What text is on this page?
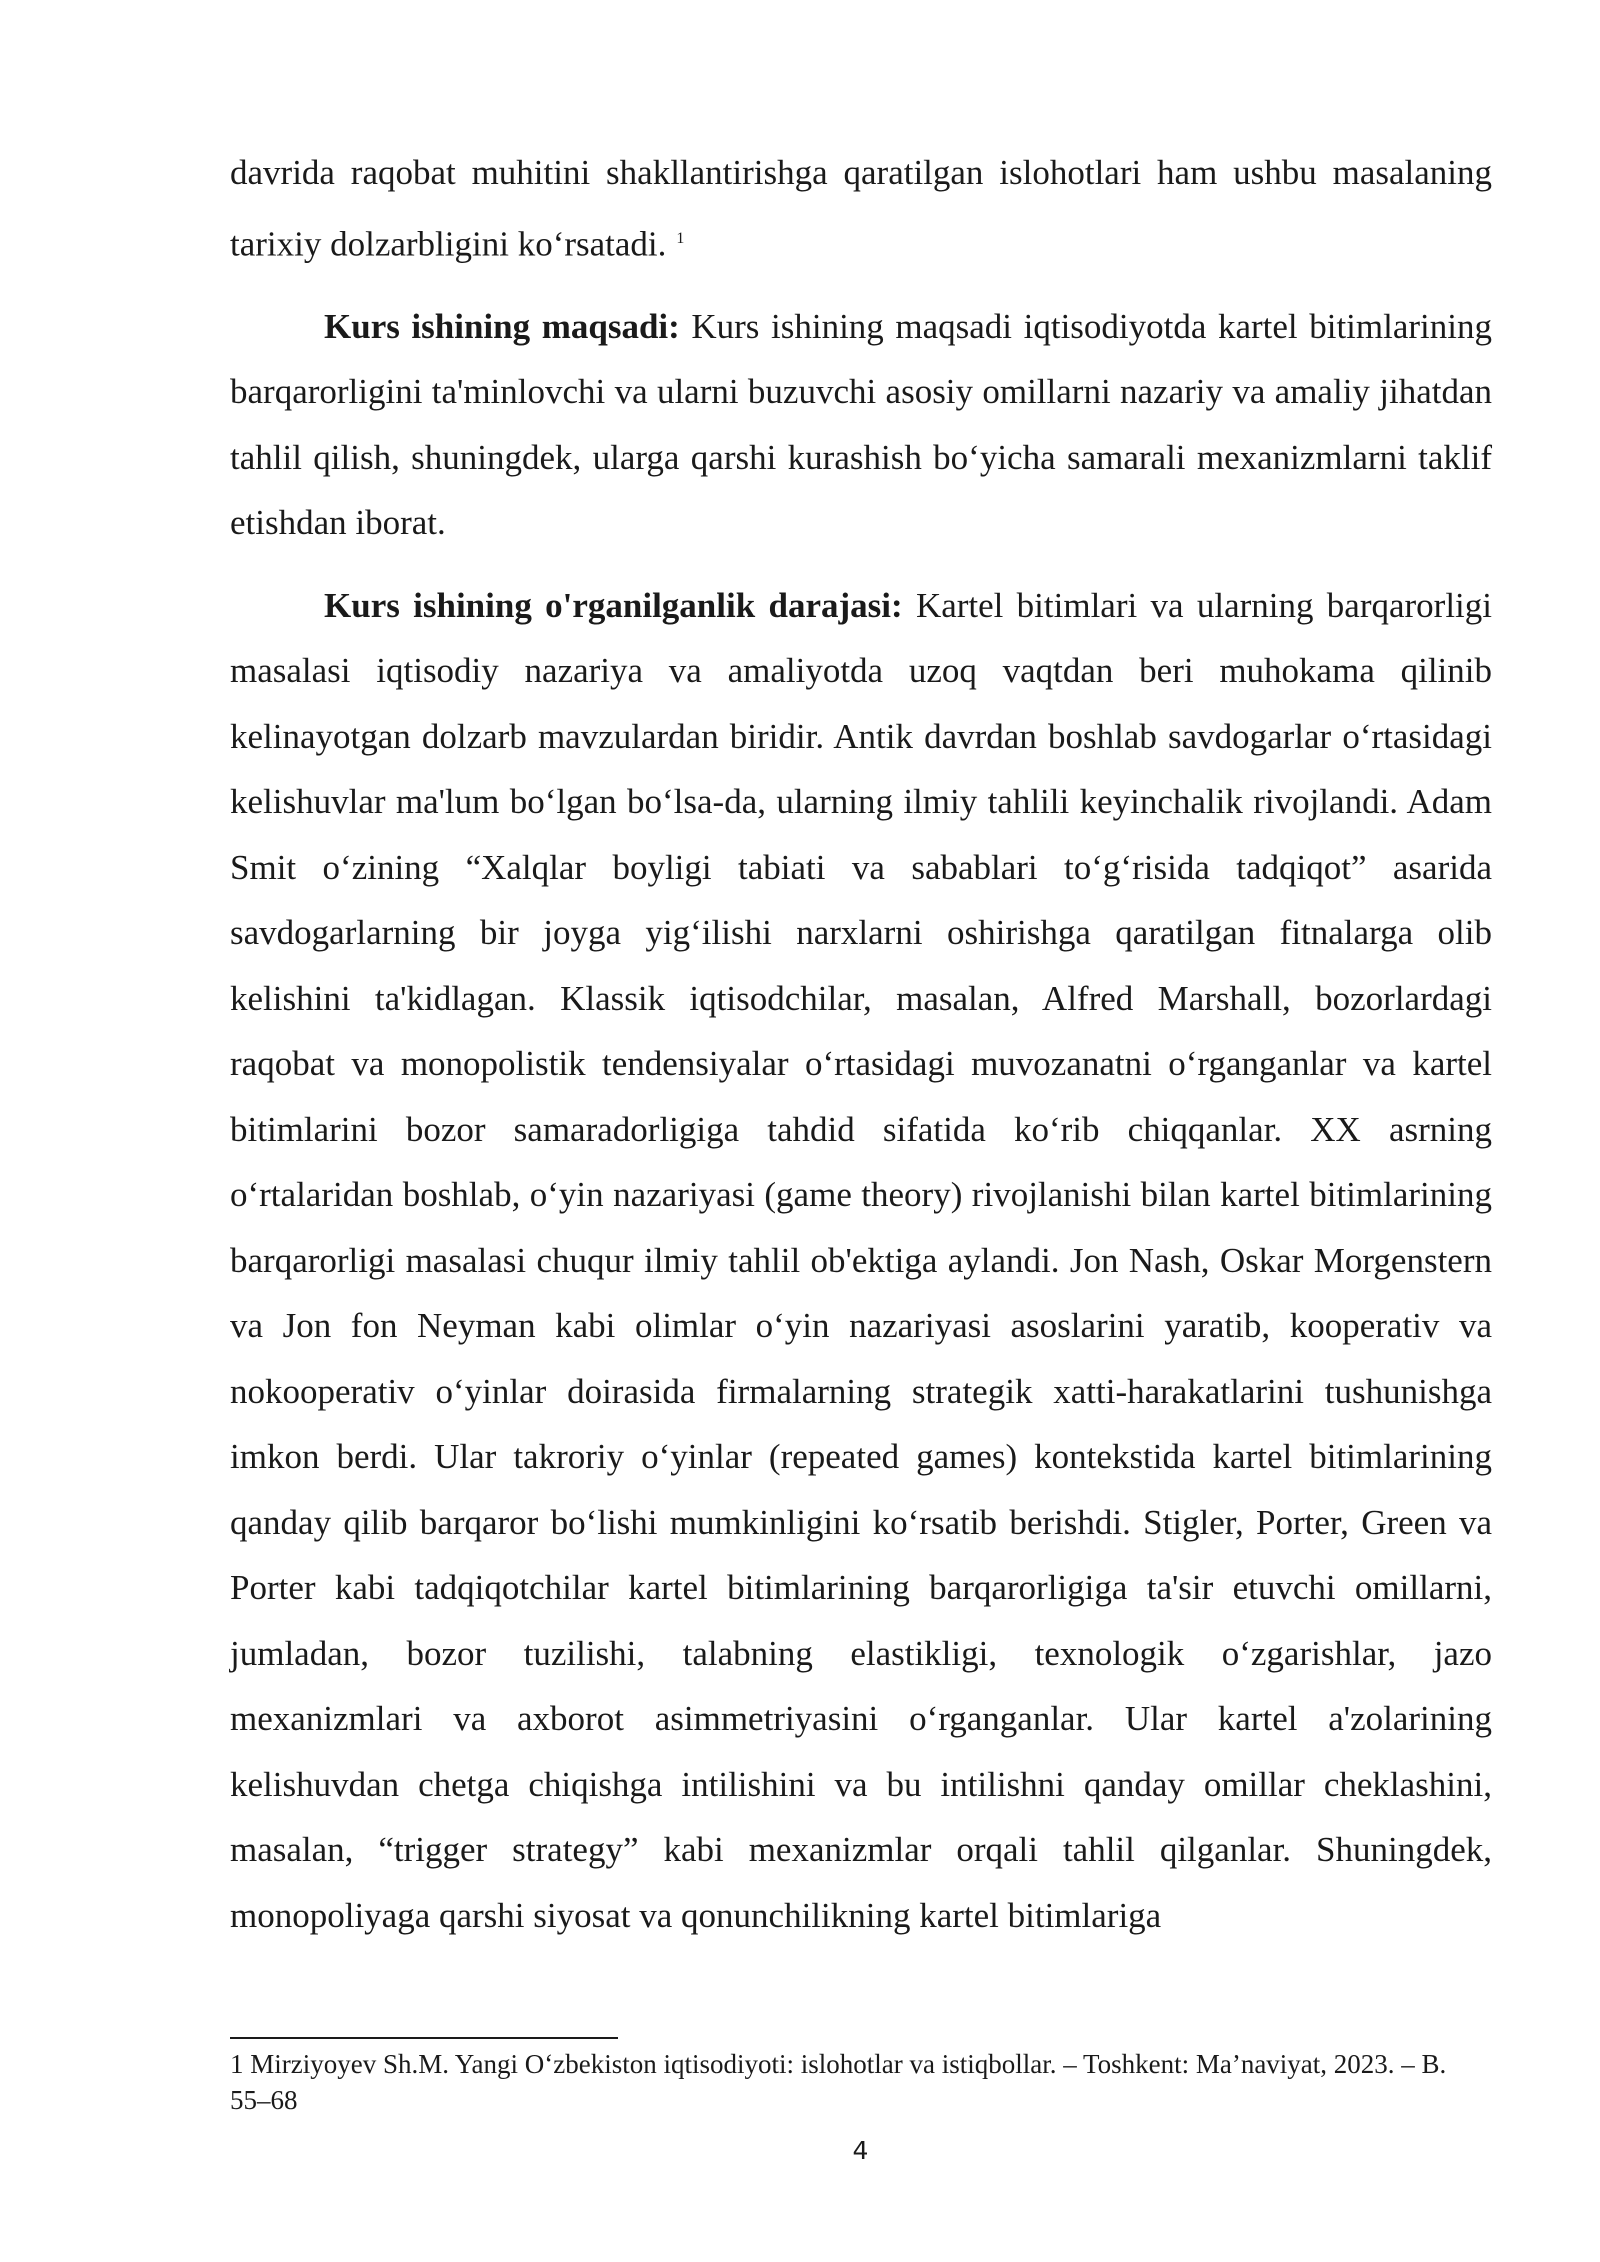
davrida raqobat muhitini shakllantirishga qaratilgan islohotlari ham ushbu masalaning tarixiy dolzarbligini ko‘rsatadi. $^1$

Kurs ishining maqsadi: Kurs ishining maqsadi iqtisodiyotda kartel bitimlarining barqarorligini ta'minlovchi va ularni buzuvchi asosiy omillarni nazariy va amaliy jihatdan tahlil qilish, shuningdek, ularga qarshi kurashish bo‘yicha samarali mexanizmlarni taklif etishdan iborat.

Kurs ishining o'rganilganlik darajasi: Kartel bitimlari va ularning barqarorligi masalasi iqtisodiy nazariya va amaliyotda uzoq vaqtdan beri muhokama qilinib kelinayotgan dolzarb mavzulardan biridir. Antik davrdan boshlab savdogarlar o‘rtasidagi kelishuvlar ma'lum bo‘lgan bo‘lsa-da, ularning ilmiy tahlili keyinchalik rivojlandi. Adam Smit o‘zining “Xalqlar boyligi tabiati va sabablari to‘g‘risida tadqiqot” asarida savdogarlarning bir joyga yig‘ilishi narxlarni oshirishga qaratilgan fitnalarga olib kelishini ta'kidlagan. Klassik iqtisodchilar, masalan, Alfred Marshall, bozorlardagi raqobat va monopolistik tendensiyalar o‘rtasidagi muvozanatni o‘rganganlar va kartel bitimlarini bozor samaradorligiga tahdid sifatida ko‘rib chiqqanlar. XX asrning o‘rtalaridan boshlab, o‘yin nazariyasi (game theory) rivojlanishi bilan kartel bitimlarining barqarorligi masalasi chuqur ilmiy tahlil ob'ektiga aylandi. Jon Nash, Oskar Morgenstern va Jon fon Neyman kabi olimlar o‘yin nazariyasi asoslarini yaratib, kooperativ va nokooperativ o‘yinlar doirasida firmalarning strategik xatti-harakatlarini tushunishga imkon berdi. Ular takroriy o‘yinlar (repeated games) kontekstida kartel bitimlarining qanday qilib barqaror bo‘lishi mumkinligini ko‘rsatib berishdi. Stigler, Porter, Green va Porter kabi tadqiqotchilar kartel bitimlarining barqarorligiga ta'sir etuvchi omillarni, jumladan, bozor tuzilishi, talabning elastikligi, texnologik o‘zgarishlar, jazo mexanizmlari va axborot asimmetriyasini o‘rganganlar. Ular kartel a'zolarining kelishuvdan chetga chiqishga intilishini va bu intilishni qanday omillar cheklashini, masalan, “trigger strategy” kabi mexanizmlar orqali tahlil qilganlar. Shuningdek, monopoliyaga qarshi siyosat va qonunchilikning kartel bitimlariga

1 Mirziyoyev Sh.M. Yangi O‘zbekiston iqtisodiyoti: islohotlar va istiqbollar. – Toshkent: Ma’naviyat, 2023. – B. 55–68
4
